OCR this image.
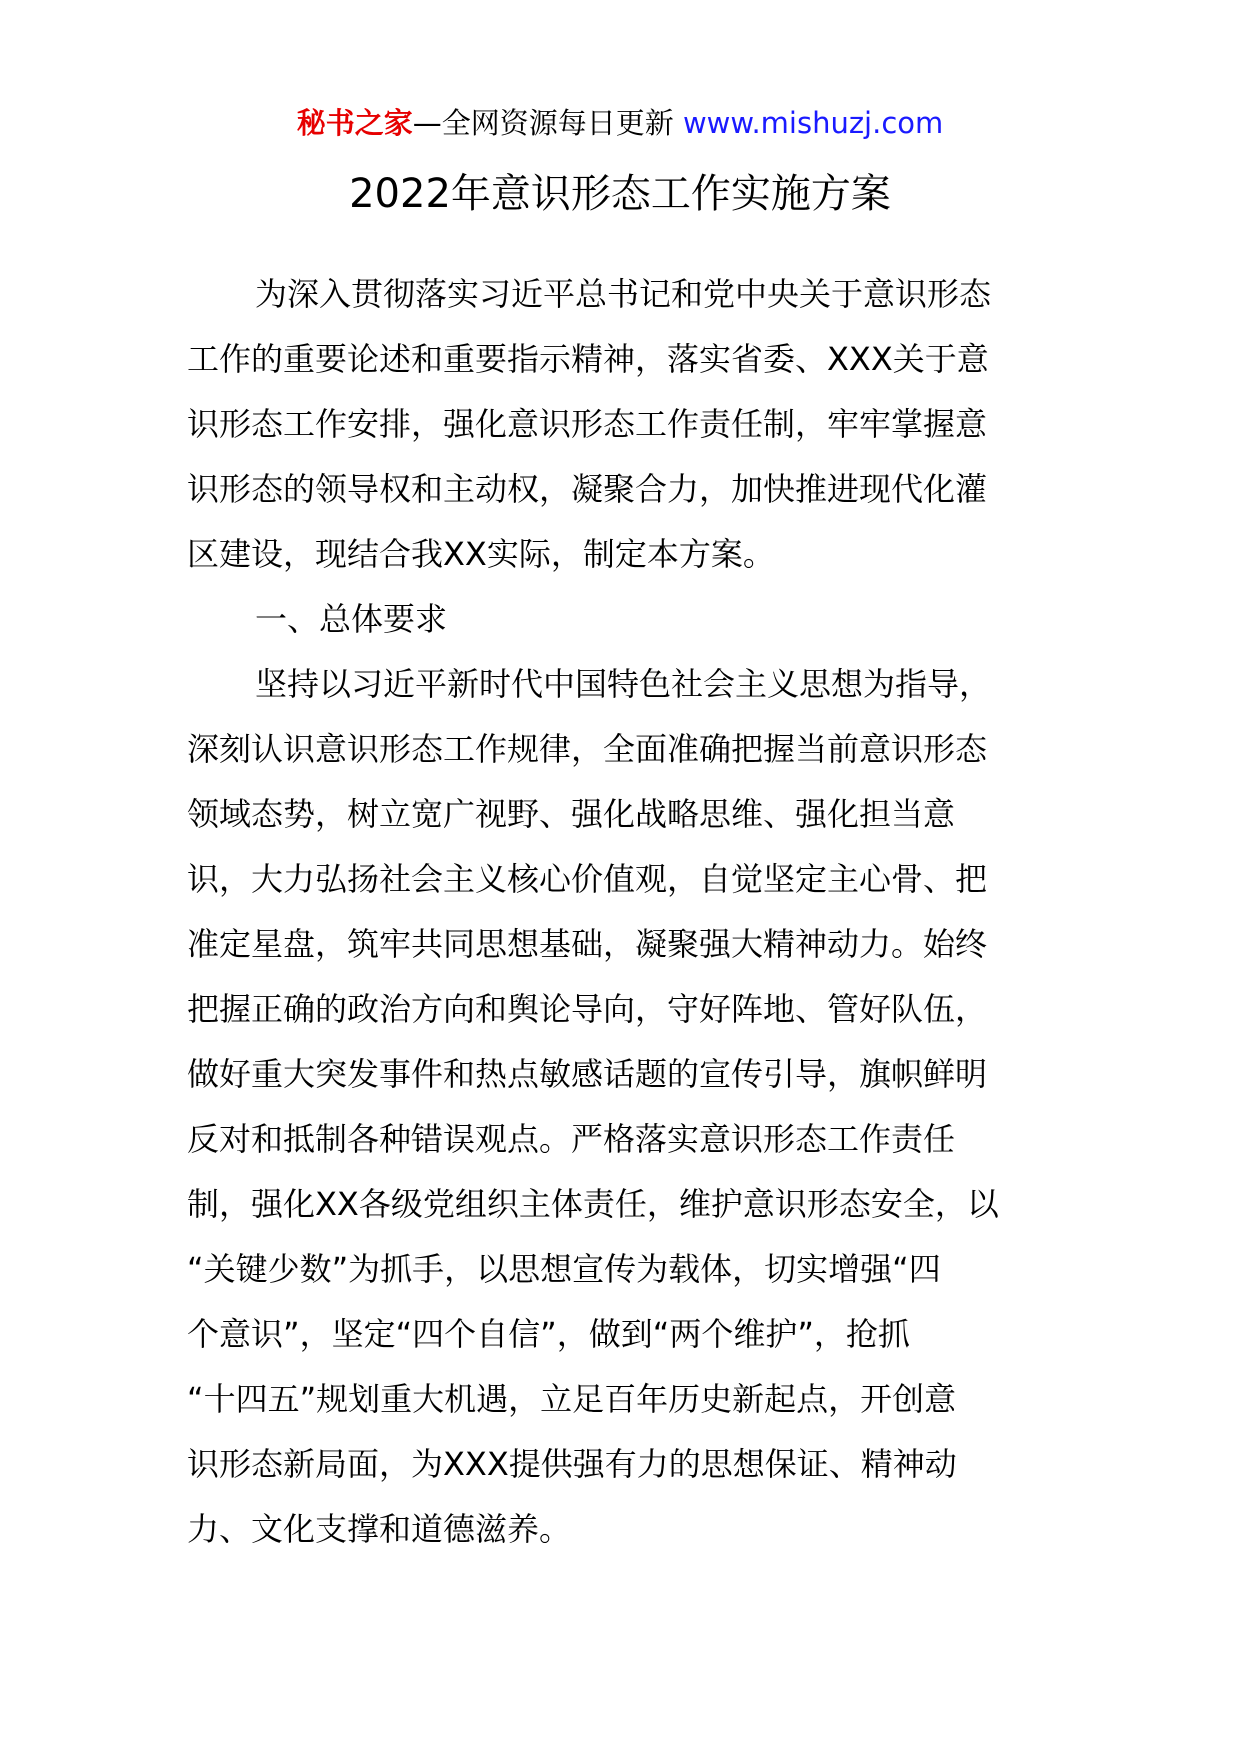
秘书之家—全网资源每日更新 www.mishuzj.com
2022年意识形态工作实施方案
为深入贯彻落实习近平总书记和党中央关于意识形态
工作的重要论述和重要指示精神，落实省委、XXX关于意
识形态工作安排，强化意识形态工作责任制，牢牢掌握意
识形态的领导权和主动权，凝聚合力，加快推进现代化灌
区建设，现结合我XX实际，制定本方案。
一、总体要求
坚持以习近平新时代中国特色社会主义思想为指导，
深刻认识意识形态工作规律，全面准确把握当前意识形态
领域态势，树立宽广视野、强化战略思维、强化担当意
识，大力弘扬社会主义核心价值观，自觉坚定主心骨、把
准定星盘，筑牢共同思想基础，凝聚强大精神动力。始终
把握正确的政治方向和舆论导向，守好阵地、管好队伍，
做好重大突发事件和热点敏感话题的宣传引导，旗帜鲜明
反对和抵制各种错误观点。严格落实意识形态工作责任
制，强化XX各级党组织主体责任，维护意识形态安全，以
“关键少数”为抓手，以思想宣传为载体，切实增强“四
个意识”，坚定“四个自信”，做到“两个维护”，抢抓
“十四五”规划重大机遇，立足百年历史新起点，开创意
识形态新局面，为XXX提供强有力的思想保证、精神动
力、文化支撑和道德滋养。
